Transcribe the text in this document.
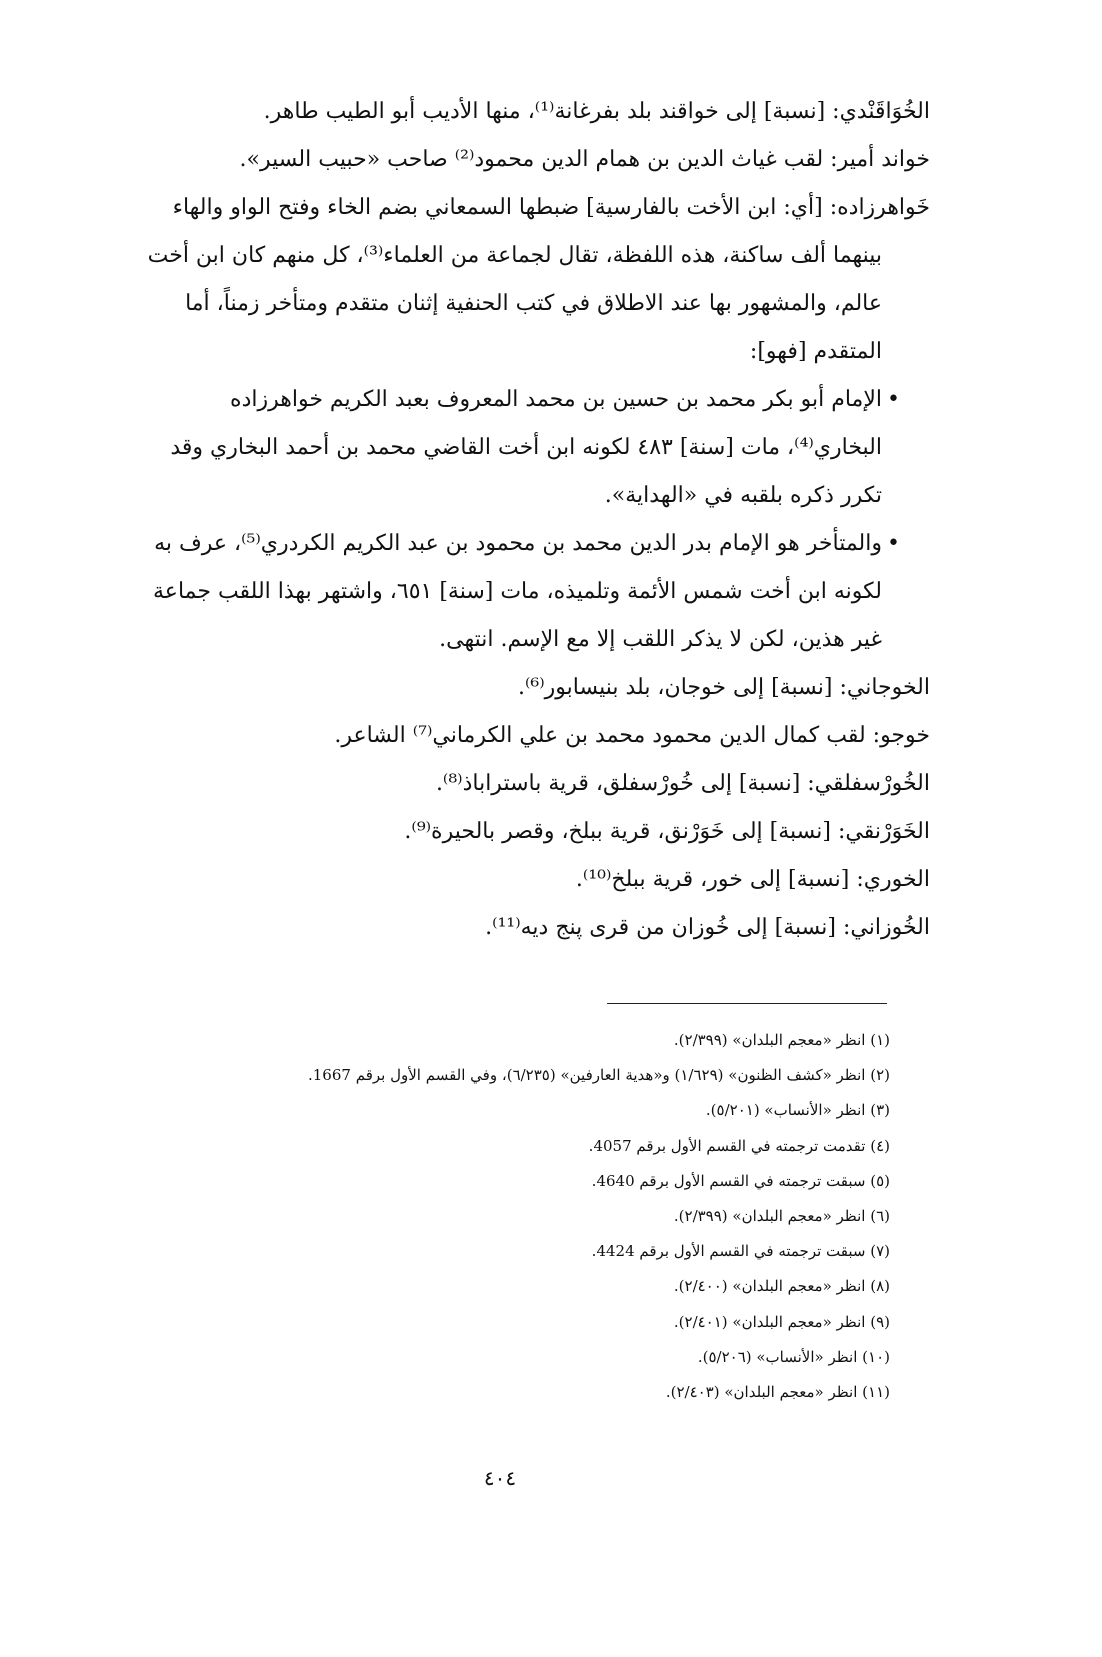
الخُوَاقَنْدي: [نسبة] إلى خواقند بلد بفرغانة⁽¹⁾، منها الأديب أبو الطيب طاهر.

خواند أمير: لقب غياث الدين بن همام الدين محمود⁽²⁾ صاحب «حبيب السير».

خَواهرزاده: [أي: ابن الأخت بالفارسية] ضبطها السمعاني بضم الخاء وفتح الواو والهاء

بينهما ألف ساكنة، هذه اللفظة، تقال لجماعة من العلماء⁽³⁾، كل منهم كان ابن أخت

عالم، والمشهور بها عند الاطلاق في كتب الحنفية إثنان متقدم ومتأخر زمناً، أما

المتقدم [فهو]:

•
الإمام أبو بكر محمد بن حسين بن محمد المعروف بعبد الكريم خواهرزاده

البخاري⁽⁴⁾، مات [سنة] ٤٨٣ لكونه ابن أخت القاضي محمد بن أحمد البخاري وقد

تكرر ذكره بلقبه في «الهداية».

•
والمتأخر هو الإمام بدر الدين محمد بن محمود بن عبد الكريم الكردري⁽⁵⁾، عرف به

لكونه ابن أخت شمس الأئمة وتلميذه، مات [سنة] ٦٥١، واشتهر بهذا اللقب جماعة

غير هذين، لكن لا يذكر اللقب إلا مع الإسم. انتهى.

الخوجاني: [نسبة] إلى خوجان، بلد بنيسابور⁽⁶⁾.

خوجو: لقب كمال الدين محمود محمد بن علي الكرماني⁽⁷⁾ الشاعر.

الخُورْسفلقي: [نسبة] إلى خُورْسفلق، قرية باستراباذ⁽⁸⁾.

الخَوَرْنقي: [نسبة] إلى خَوَرْنق، قرية ببلخ، وقصر بالحيرة⁽⁹⁾.

الخوري: [نسبة] إلى خور، قرية ببلخ⁽¹⁰⁾.

الخُوزاني: [نسبة] إلى خُوزان من قرى پنج ديه⁽¹¹⁾.

(١) انظر «معجم البلدان» (٢/٣٩٩).

(٢) انظر «كشف الظنون» (١/٦٢٩) و«هدية العارفين» (٦/٢٣٥)، وفي القسم الأول برقم 1667.

(٣) انظر «الأنساب» (٥/٢٠١).

(٤) تقدمت ترجمته في القسم الأول برقم 4057.

(٥) سبقت ترجمته في القسم الأول برقم 4640.

(٦) انظر «معجم البلدان» (٢/٣٩٩).

(٧) سبقت ترجمته في القسم الأول برقم 4424.

(٨) انظر «معجم البلدان» (٢/٤٠٠).

(٩) انظر «معجم البلدان» (٢/٤٠١).

(١٠) انظر «الأنساب» (٥/٢٠٦).

(١١) انظر «معجم البلدان» (٢/٤٠٣).

٤٠٤
